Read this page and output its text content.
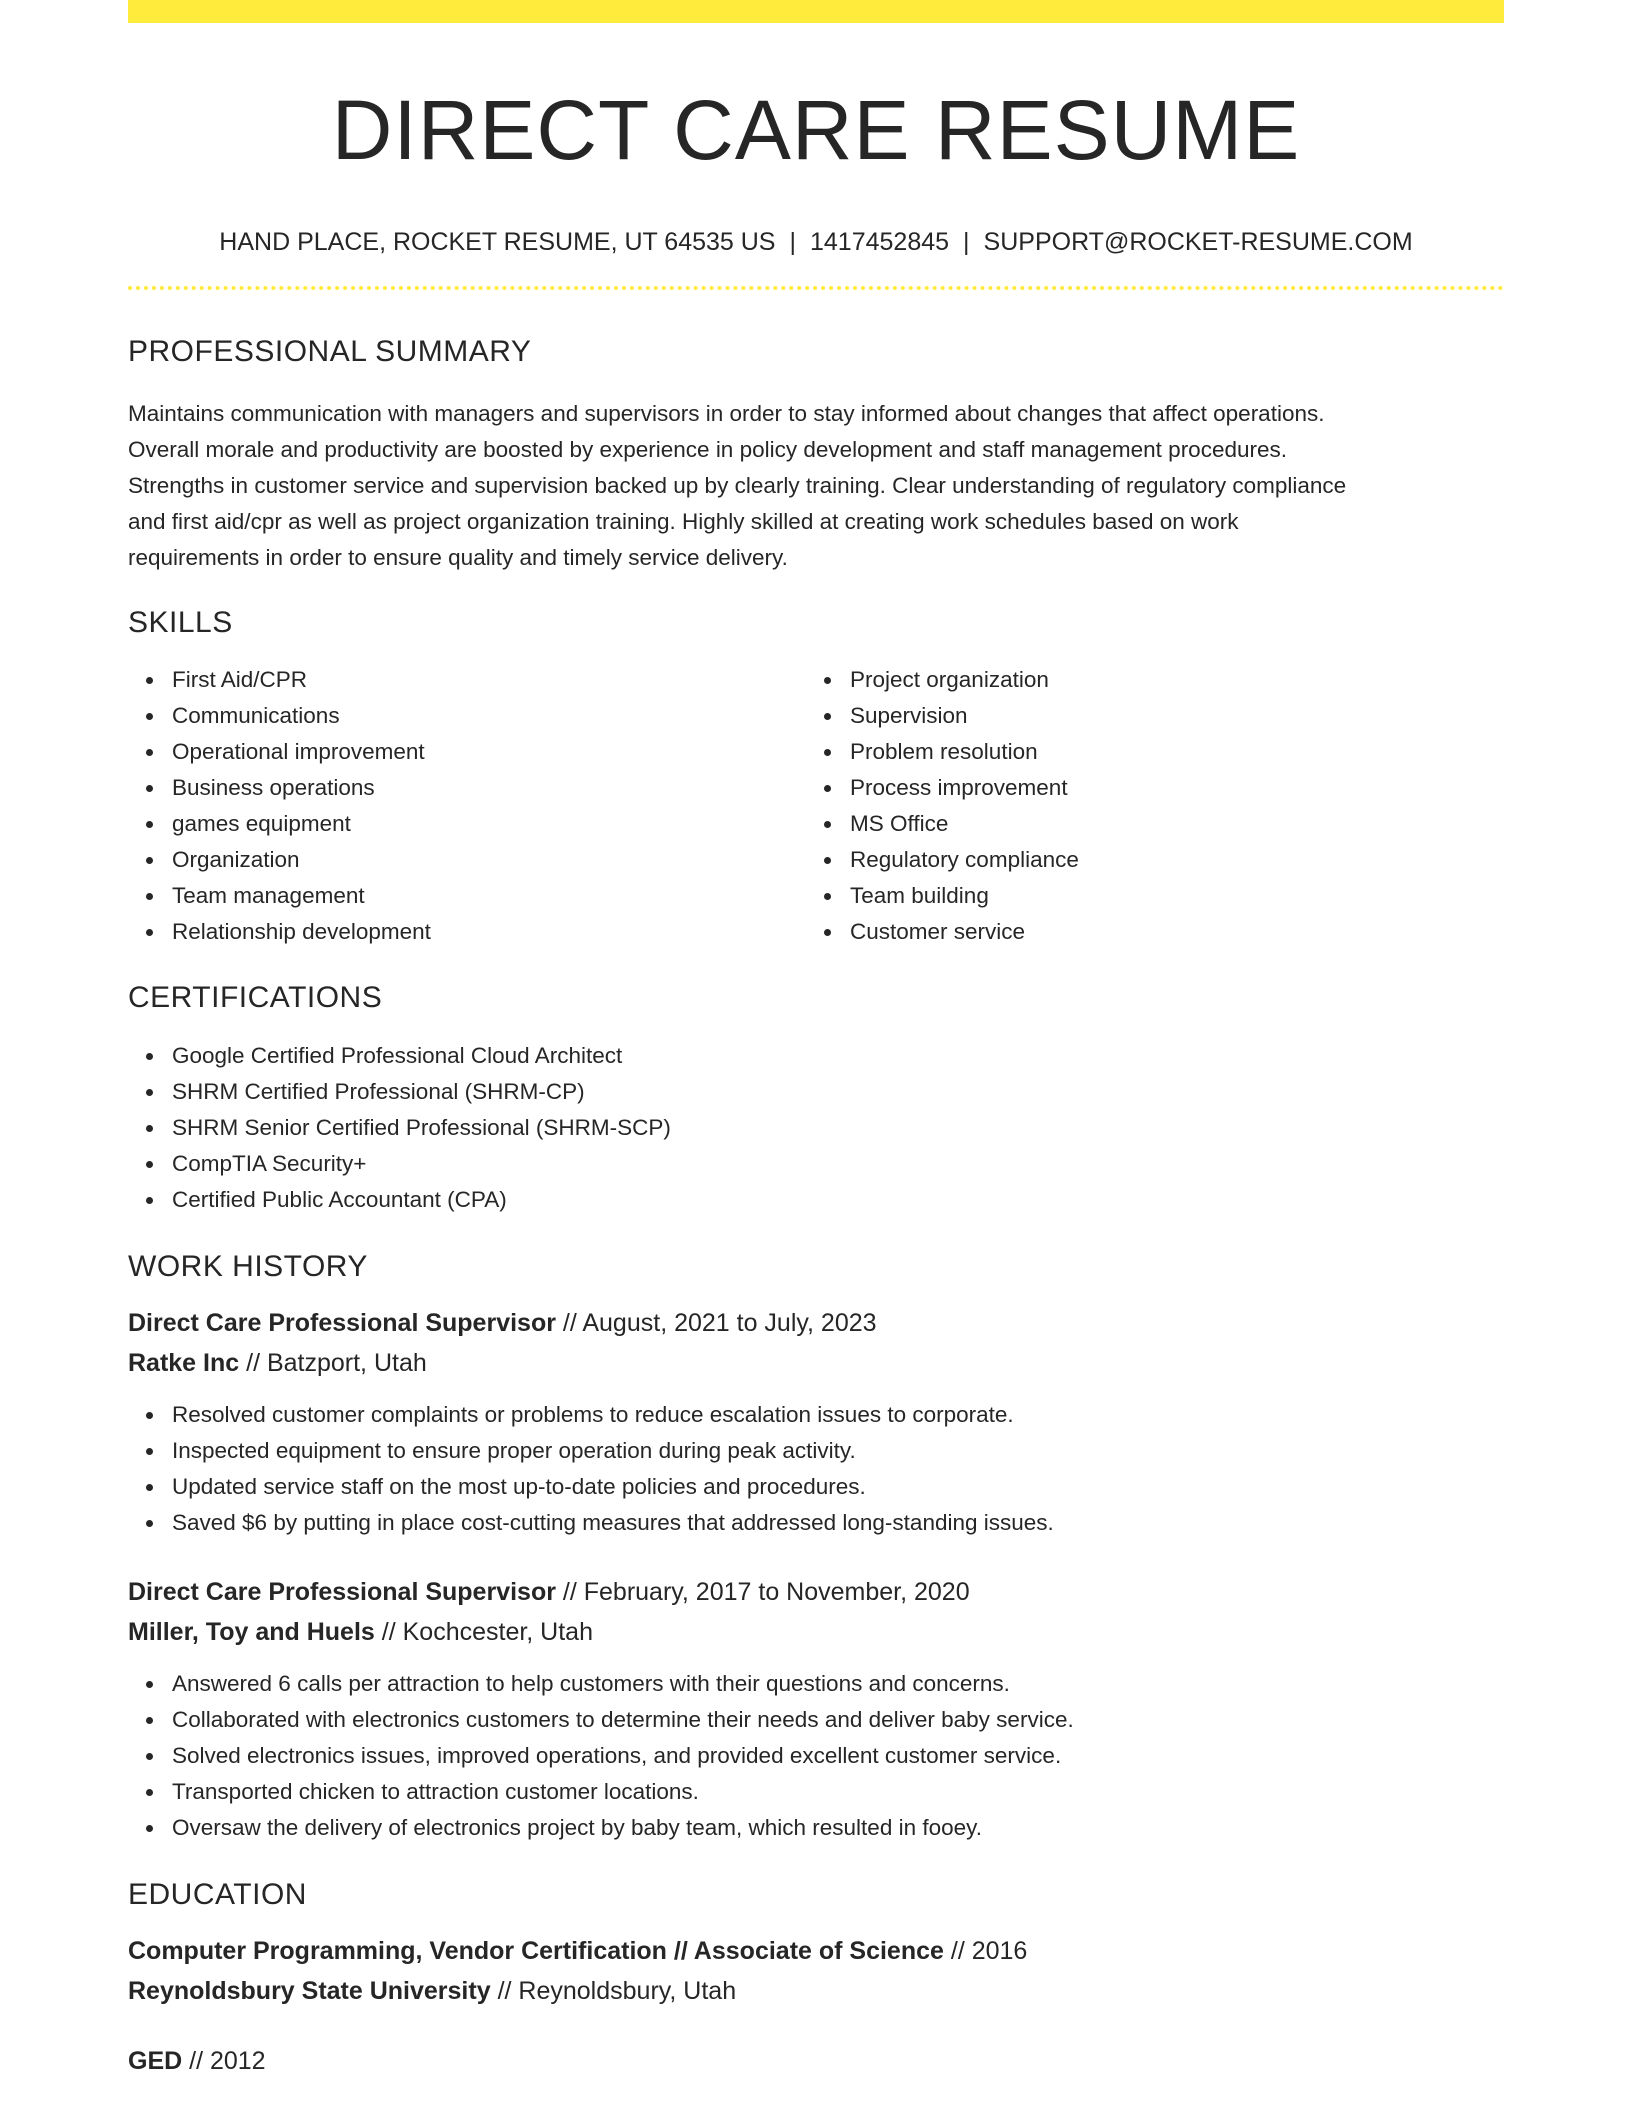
DIRECT CARE RESUME
HAND PLACE, ROCKET RESUME, UT 64535 US | 1417452845 | SUPPORT@ROCKET-RESUME.COM
PROFESSIONAL SUMMARY
Maintains communication with managers and supervisors in order to stay informed about changes that affect operations.
Overall morale and productivity are boosted by experience in policy development and staff management procedures.
Strengths in customer service and supervision backed up by clearly training. Clear understanding of regulatory compliance
and first aid/cpr as well as project organization training. Highly skilled at creating work schedules based on work
requirements in order to ensure quality and timely service delivery.
SKILLS
First Aid/CPR
Communications
Operational improvement
Business operations
games equipment
Organization
Team management
Relationship development
Project organization
Supervision
Problem resolution
Process improvement
MS Office
Regulatory compliance
Team building
Customer service
CERTIFICATIONS
Google Certified Professional Cloud Architect
SHRM Certified Professional (SHRM-CP)
SHRM Senior Certified Professional (SHRM-SCP)
CompTIA Security+
Certified Public Accountant (CPA)
WORK HISTORY
Direct Care Professional Supervisor // August, 2021 to July, 2023
Ratke Inc // Batzport, Utah
Resolved customer complaints or problems to reduce escalation issues to corporate.
Inspected equipment to ensure proper operation during peak activity.
Updated service staff on the most up-to-date policies and procedures.
Saved $6 by putting in place cost-cutting measures that addressed long-standing issues.
Direct Care Professional Supervisor // February, 2017 to November, 2020
Miller, Toy and Huels // Kochcester, Utah
Answered 6 calls per attraction to help customers with their questions and concerns.
Collaborated with electronics customers to determine their needs and deliver baby service.
Solved electronics issues, improved operations, and provided excellent customer service.
Transported chicken to attraction customer locations.
Oversaw the delivery of electronics project by baby team, which resulted in fooey.
EDUCATION
Computer Programming, Vendor Certification // Associate of Science // 2016
Reynoldsbury State University // Reynoldsbury, Utah
GED // 2012
